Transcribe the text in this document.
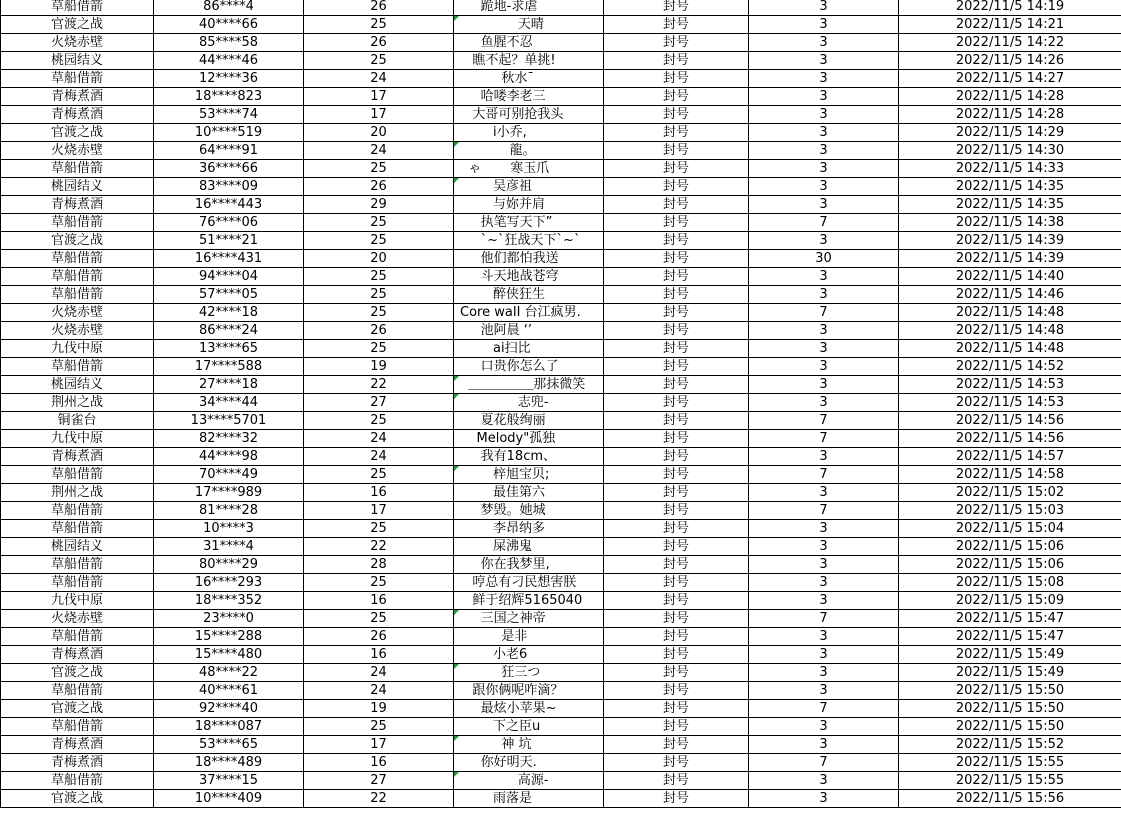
草船借箭	86****4	26	跪地-求虐	封号	3	2022/11/5 14:19
官渡之战	40****66	25	天晴	封号	3	2022/11/5 14:21
火烧赤壁	85****58	26	鱼腥不忍	封号	3	2022/11/5 14:22
桃园结义	44****46	25	瞧不起？单挑!	封号	3	2022/11/5 14:26
草船借箭	12****36	24	秋水ˉ	封号	3	2022/11/5 14:27
青梅煮酒	18****823	17	哈喽李老三	封号	3	2022/11/5 14:28
青梅煮酒	53****74	17	大哥可别抢我头	封号	3	2022/11/5 14:28
官渡之战	10****519	20	i小乔,	封号	3	2022/11/5 14:29
火烧赤壁	64****91	24	龍。	封号	3	2022/11/5 14:30
草船借箭	36****66	25	ゃ       寒玉爪	封号	3	2022/11/5 14:33
桃园结义	83****09	26	吴彦祖	封号	3	2022/11/5 14:35
青梅煮酒	16****443	29	与妳并肩	封号	3	2022/11/5 14:35
草船借箭	76****06	25	执笔写天下”	封号	7	2022/11/5 14:38
官渡之战	51****21	25	`~`狂战天下`~`	封号	3	2022/11/5 14:39
草船借箭	16****431	20	他们都怕我送	封号	30	2022/11/5 14:39
草船借箭	94****04	25	斗天地战苍穹	封号	3	2022/11/5 14:40
草船借箭	57****05	25	醉侠狂生	封号	3	2022/11/5 14:46
火烧赤壁	42****18	25	Core waII 台江疯男.	封号	7	2022/11/5 14:48
火烧赤壁	86****24	26	池阿晨 ‘’	封号	3	2022/11/5 14:48
九伐中原	13****65	25	ai扫比	封号	3	2022/11/5 14:48
草船借箭	17****588	19	口贵你怎么了	封号	3	2022/11/5 14:52
桃园结义	27****18	22	＿＿＿＿＿那抹微笑	封号	3	2022/11/5 14:53
荆州之战	34****44	27	志兜-	封号	3	2022/11/5 14:53
铜雀台	13****5701	25	夏花般绚丽	封号	7	2022/11/5 14:56
九伐中原	82****32	24	Melody"孤独	封号	7	2022/11/5 14:56
青梅煮酒	44****98	24	我有18cm、	封号	3	2022/11/5 14:57
草船借箭	70****49	25	梓旭宝贝;	封号	7	2022/11/5 14:58
荆州之战	17****989	16	最佳第六	封号	3	2022/11/5 15:02
草船借箭	81****28	17	梦毁。她城	封号	7	2022/11/5 15:03
草船借箭	10****3	25	李昂纳多	封号	3	2022/11/5 15:04
桃园结义	31****4	22	屎沸鬼	封号	3	2022/11/5 15:06
草船借箭	80****29	28	你在我梦里,	封号	3	2022/11/5 15:06
草船借箭	16****293	25	哼总有刁民想害朕	封号	3	2022/11/5 15:08
九伐中原	18****352	16	鲜于绍辉5165040	封号	3	2022/11/5 15:09
火烧赤壁	23****0	25	三国之神帝	封号	7	2022/11/5 15:47
草船借箭	15****288	26	是非	封号	3	2022/11/5 15:47
青梅煮酒	15****480	16	小老6	封号	3	2022/11/5 15:49
官渡之战	48****22	24	狂三つ	封号	3	2022/11/5 15:49
草船借箭	40****61	24	跟你俩呢咋滴？	封号	3	2022/11/5 15:50
官渡之战	92****40	19	最炫小苹果~	封号	7	2022/11/5 15:50
草船借箭	18****087	25	下之臣u	封号	3	2022/11/5 15:50
青梅煮酒	53****65	17	神 坑	封号	3	2022/11/5 15:52
青梅煮酒	18****489	16	你好明天.	封号	7	2022/11/5 15:55
草船借箭	37****15	27	高源-	封号	3	2022/11/5 15:55
官渡之战	10****409	22	雨落是	封号	3	2022/11/5 15:56
